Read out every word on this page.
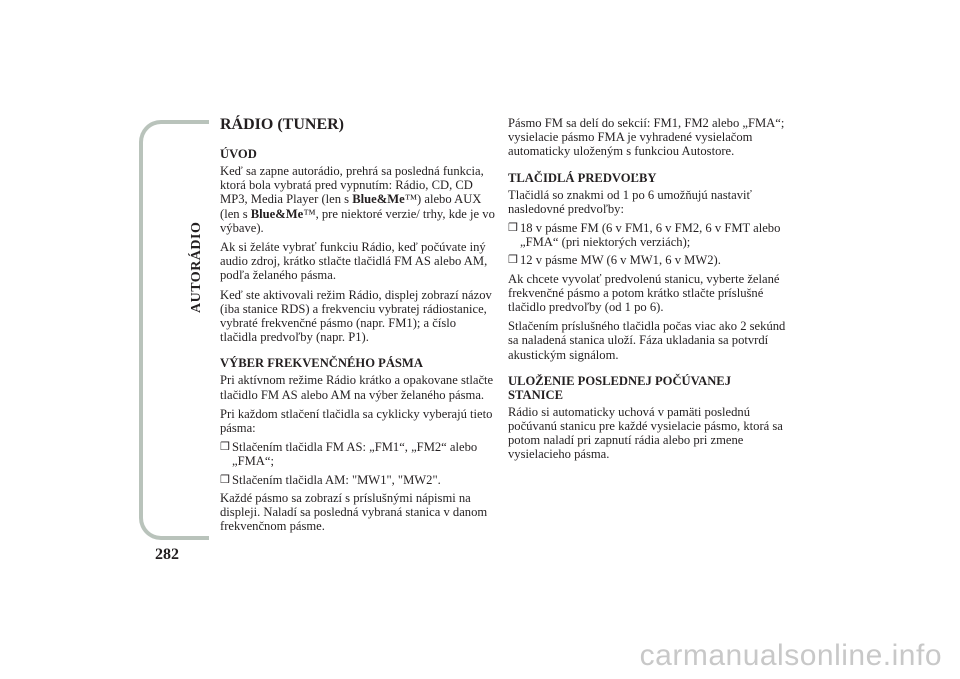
AUTORÁDIO
282
RÁDIO (TUNER)
ÚVOD

Keď sa zapne autorádio, prehrá sa posledná funkcia, ktorá bola vybratá pred vypnutím: Rádio, CD, CD MP3, Media Player (len s Blue&Me™) alebo AUX (len s Blue&Me™, pre niektoré verzie/ trhy, kde je vo výbave).

Ak si želáte vybrať funkciu Rádio, keď počúvate iný audio zdroj, krátko stlačte tlačidlá FM AS alebo AM, podľa želaného pásma.

Keď ste aktivovali režim Rádio, displej zobrazí názov (iba stanice RDS) a frekvenciu vybratej rádiostanice, vybraté frekvenčné pásmo (napr. FM1); a číslo tlačidla predvoľby (napr. P1).

VÝBER FREKVENČNÉHO PÁSMA

Pri aktívnom režime Rádio krátko a opakovane stlačte tlačidlo FM AS alebo AM na výber želaného pásma.

Pri každom stlačení tlačidla sa cyklicky vyberajú tieto pásma:

❒ Stlačením tlačidla FM AS: „FM1“, „FM2“ alebo „FMA“;
❒ Stlačením tlačidla AM: "MW1", "MW2".

Každé pásmo sa zobrazí s príslušnými nápismi na displeji. Naladí sa posledná vybraná stanica v danom frekvenčnom pásme.

Pásmo FM sa delí do sekcií: FM1, FM2 alebo „FMA“; vysielacie pásmo FMA je vyhradené vysielačom automaticky uloženým s funkciou Autostore.

TLAČIDLÁ PREDVOĽBY

Tlačidlá so znakmi od 1 po 6 umožňujú nastaviť nasledovné predvoľby:

❒ 18 v pásme FM (6 v FM1, 6 v FM2, 6 v FMT alebo „FMA“ (pri niektorých verziách);
❒ 12 v pásme MW (6 v MW1, 6 v MW2).

Ak chcete vyvolať predvolenú stanicu, vyberte želané frekvenčné pásmo a potom krátko stlačte príslušné tlačidlo predvoľby (od 1 po 6).

Stlačením príslušného tlačidla počas viac ako 2 sekúnd sa naladená stanica uloží. Fáza ukladania sa potvrdí akustickým signálom.

ULOŽENIE POSLEDNEJ POČÚVANEJ STANICE

Rádio si automaticky uchová v pamäti poslednú počúvanú stanicu pre každé vysielacie pásmo, ktorá sa potom naladí pri zapnutí rádia alebo pri zmene vysielacieho pásma.

carmanualsonline.info
